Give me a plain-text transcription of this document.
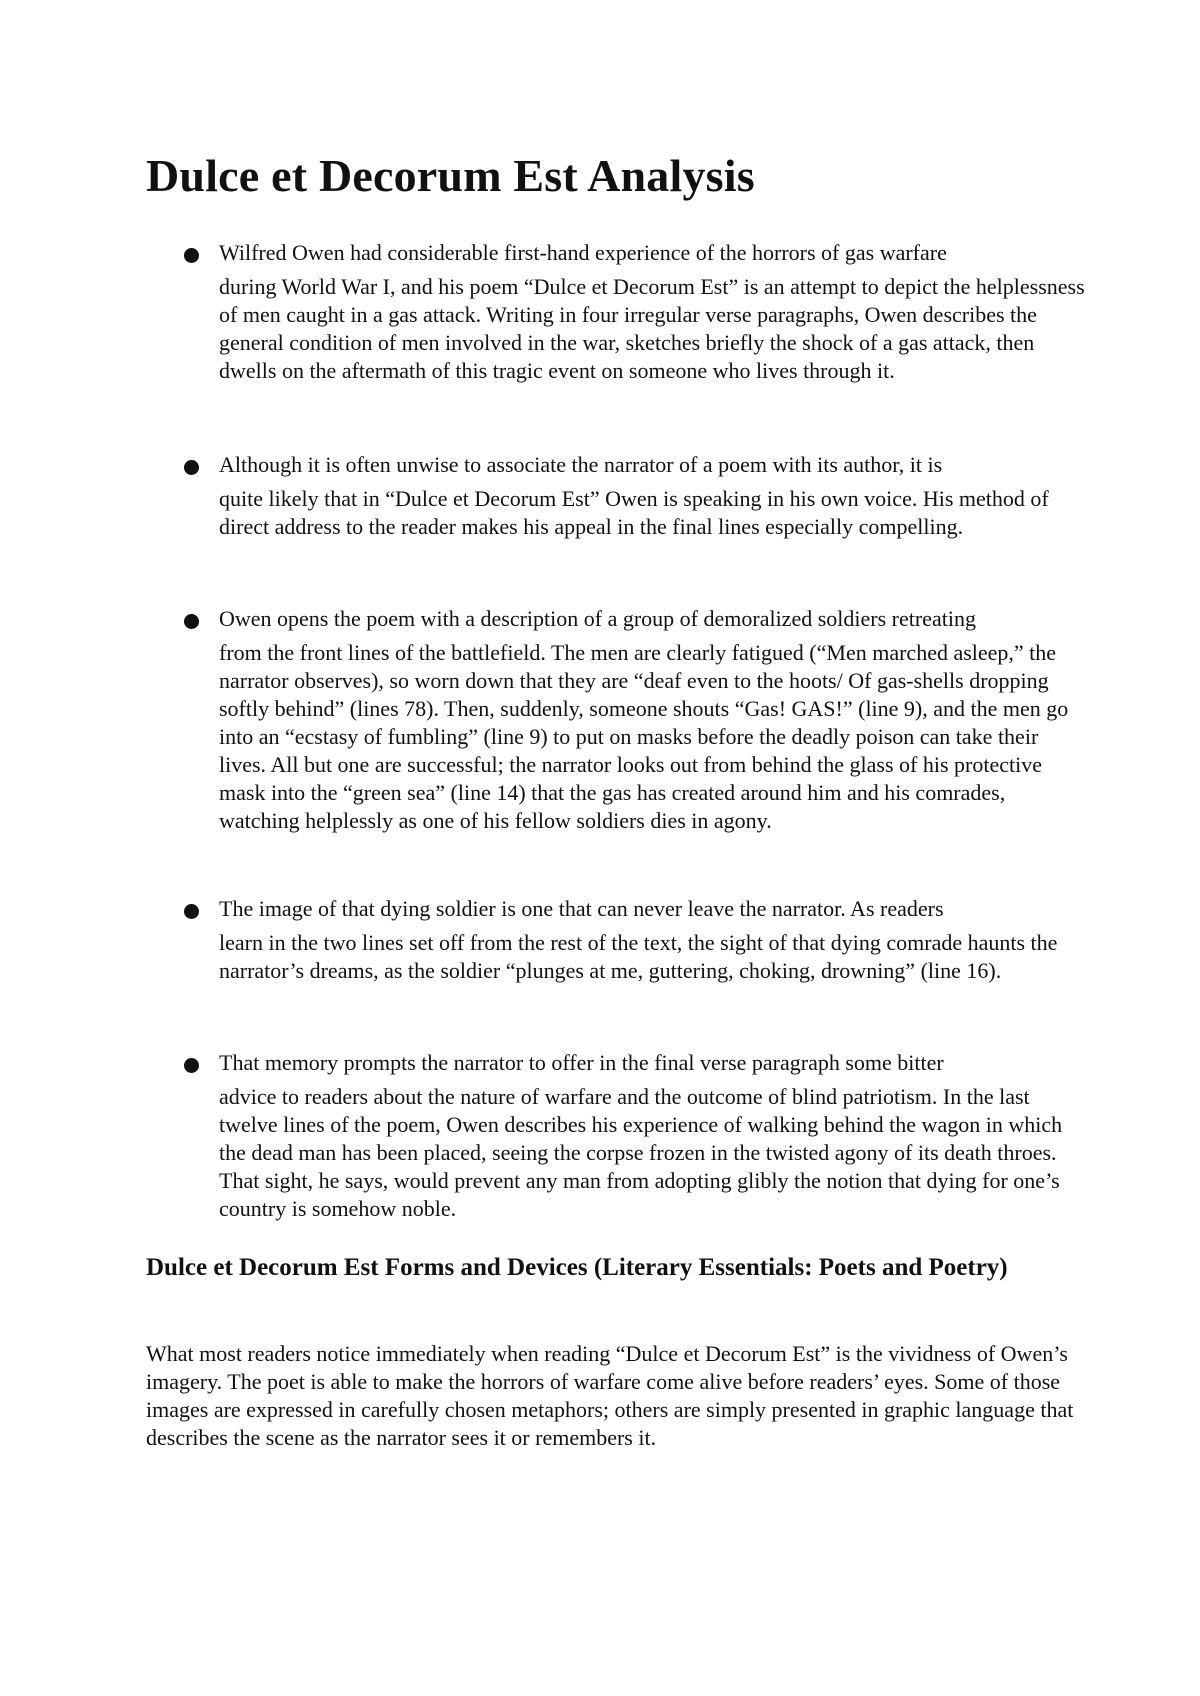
Dulce et Decorum Est Analysis

Wilfred Owen had considerable first-hand experience of the horrors of gas warfare
during World War I, and his poem “Dulce et Decorum Est” is an attempt to depict the helplessness of men caught in a gas attack. Writing in four irregular verse paragraphs, Owen describes the general condition of men involved in the war, sketches briefly the shock of a gas attack, then dwells on the aftermath of this tragic event on someone who lives through it.

Although it is often unwise to associate the narrator of a poem with its author, it is
quite likely that in “Dulce et Decorum Est” Owen is speaking in his own voice. His method of direct address to the reader makes his appeal in the final lines especially compelling.

Owen opens the poem with a description of a group of demoralized soldiers retreating
from the front lines of the battlefield. The men are clearly fatigued (“Men marched asleep,” the narrator observes), so worn down that they are “deaf even to the hoots/ Of gas-shells dropping softly behind” (lines 78). Then, suddenly, someone shouts “Gas! GAS!” (line 9), and the men go into an “ecstasy of fumbling” (line 9) to put on masks before the deadly poison can take their lives. All but one are successful; the narrator looks out from behind the glass of his protective mask into the “green sea” (line 14) that the gas has created around him and his comrades, watching helplessly as one of his fellow soldiers dies in agony.

The image of that dying soldier is one that can never leave the narrator. As readers
learn in the two lines set off from the rest of the text, the sight of that dying comrade haunts the narrator’s dreams, as the soldier “plunges at me, guttering, choking, drowning” (line 16).

That memory prompts the narrator to offer in the final verse paragraph some bitter
advice to readers about the nature of warfare and the outcome of blind patriotism. In the last twelve lines of the poem, Owen describes his experience of walking behind the wagon in which the dead man has been placed, seeing the corpse frozen in the twisted agony of its death throes. That sight, he says, would prevent any man from adopting glibly the notion that dying for one’s country is somehow noble.

Dulce et Decorum Est Forms and Devices (Literary Essentials: Poets and Poetry)

What most readers notice immediately when reading “Dulce et Decorum Est” is the vividness of Owen’s imagery. The poet is able to make the horrors of warfare come alive before readers’ eyes. Some of those images are expressed in carefully chosen metaphors; others are simply presented in graphic language that describes the scene as the narrator sees it or remembers it.
